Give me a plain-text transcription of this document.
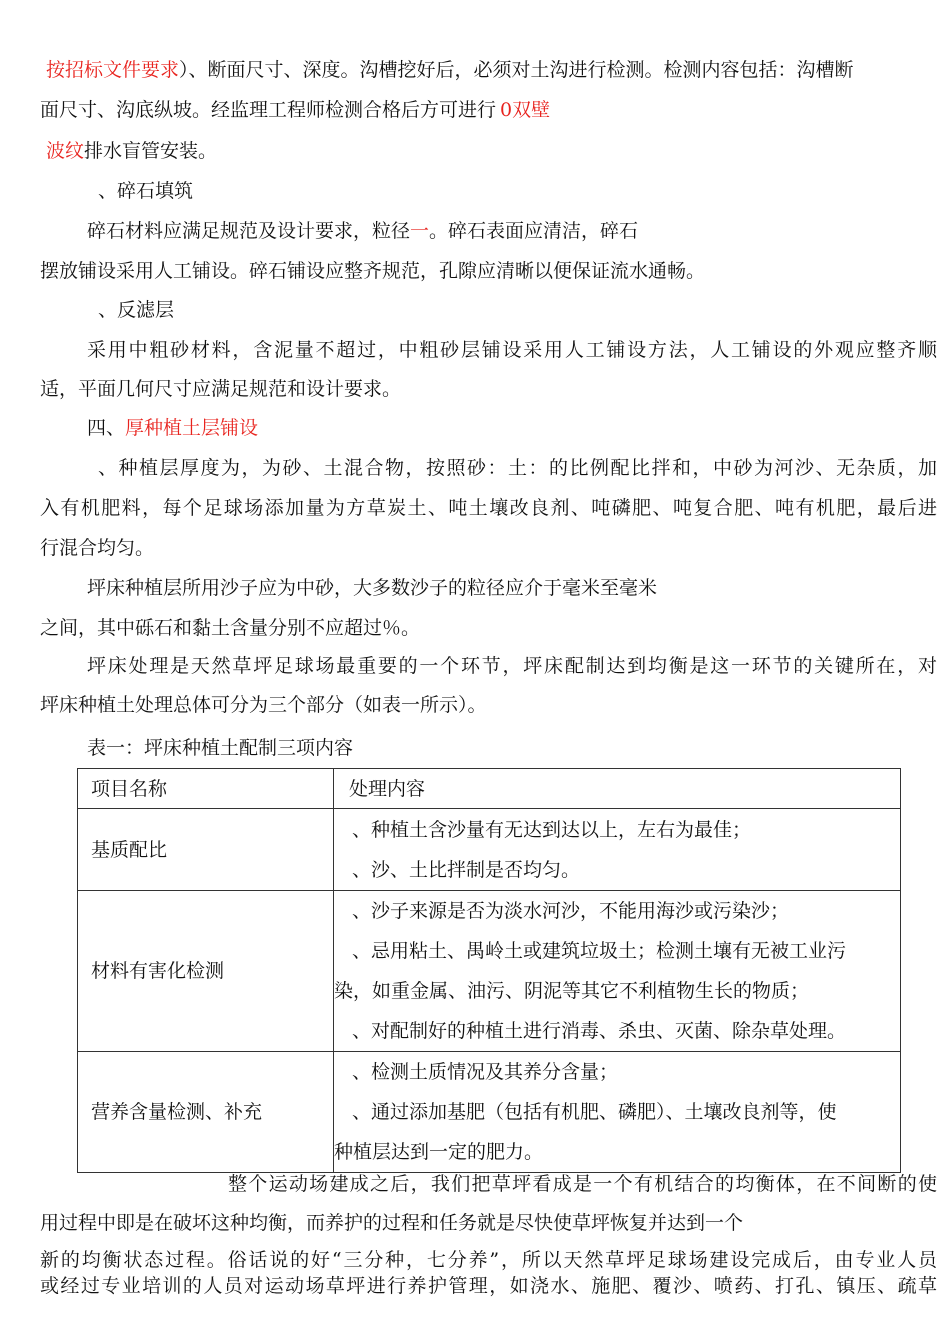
按招标文件要求）、断面尺寸、深度。沟槽挖好后，必须对土沟进行检测。检测内容包括：沟槽断
面尺寸、沟底纵坡。经监理工程师检测合格后方可进行 0双壁
波纹排水盲管安装。
、碎石填筑
碎石材料应满足规范及设计要求，粒径一。碎石表面应清洁，碎石
摆放铺设采用人工铺设。碎石铺设应整齐规范，孔隙应清晰以便保证流水通畅。
、反滤层
采用中粗砂材料，含泥量不超过，中粗砂层铺设采用人工铺设方法，人工铺设的外观应整齐顺
适，平面几何尺寸应满足规范和设计要求。
四、厚种植土层铺设
、种植层厚度为，为砂、土混合物，按照砂：土：的比例配比拌和，中砂为河沙、无杂质，加
入有机肥料，每个足球场添加量为方草炭土、吨土壤改良剂、吨磷肥、吨复合肥、吨有机肥，最后进
行混合均匀。
坪床种植层所用沙子应为中砂，大多数沙子的粒径应介于毫米至毫米
之间，其中砾石和黏土含量分别不应超过％。
坪床处理是天然草坪足球场最重要的一个环节，坪床配制达到均衡是这一环节的关键所在，对
坪床种植土处理总体可分为三个部分（如表一所示）。
表一：坪床种植土配制三项内容
项目名称	处理内容
基质配比	、种植土含沙量有无达到达以上，左右为最佳；
、沙、土比拌制是否均匀。

材料有害化检测	、沙子来源是否为淡水河沙，不能用海沙或污染沙；
、忌用粘土、禺岭土或建筑垃圾土；检测土壤有无被工业污
染，如重金属、油污、阴泥等其它不利植物生长的物质；
、对配制好的种植土进行消毒、杀虫、灭菌、除杂草处理。

营养含量检测、补充	、检测土质情况及其养分含量；
、通过添加基肥（包括有机肥、磷肥）、土壤改良剂等，使
种植层达到一定的肥力。
整个运动场建成之后，我们把草坪看成是一个有机结合的均衡体，在不间断的使
用过程中即是在破坏这种均衡，而养护的过程和任务就是尽快使草坪恢复并达到一个
新的均衡状态过程。俗话说的好“三分种，七分养”，所以天然草坪足球场建设完成后，由专业人员
或经过专业培训的人员对运动场草坪进行养护管理，如浇水、施肥、覆沙、喷药、打孔、镇压、疏草
